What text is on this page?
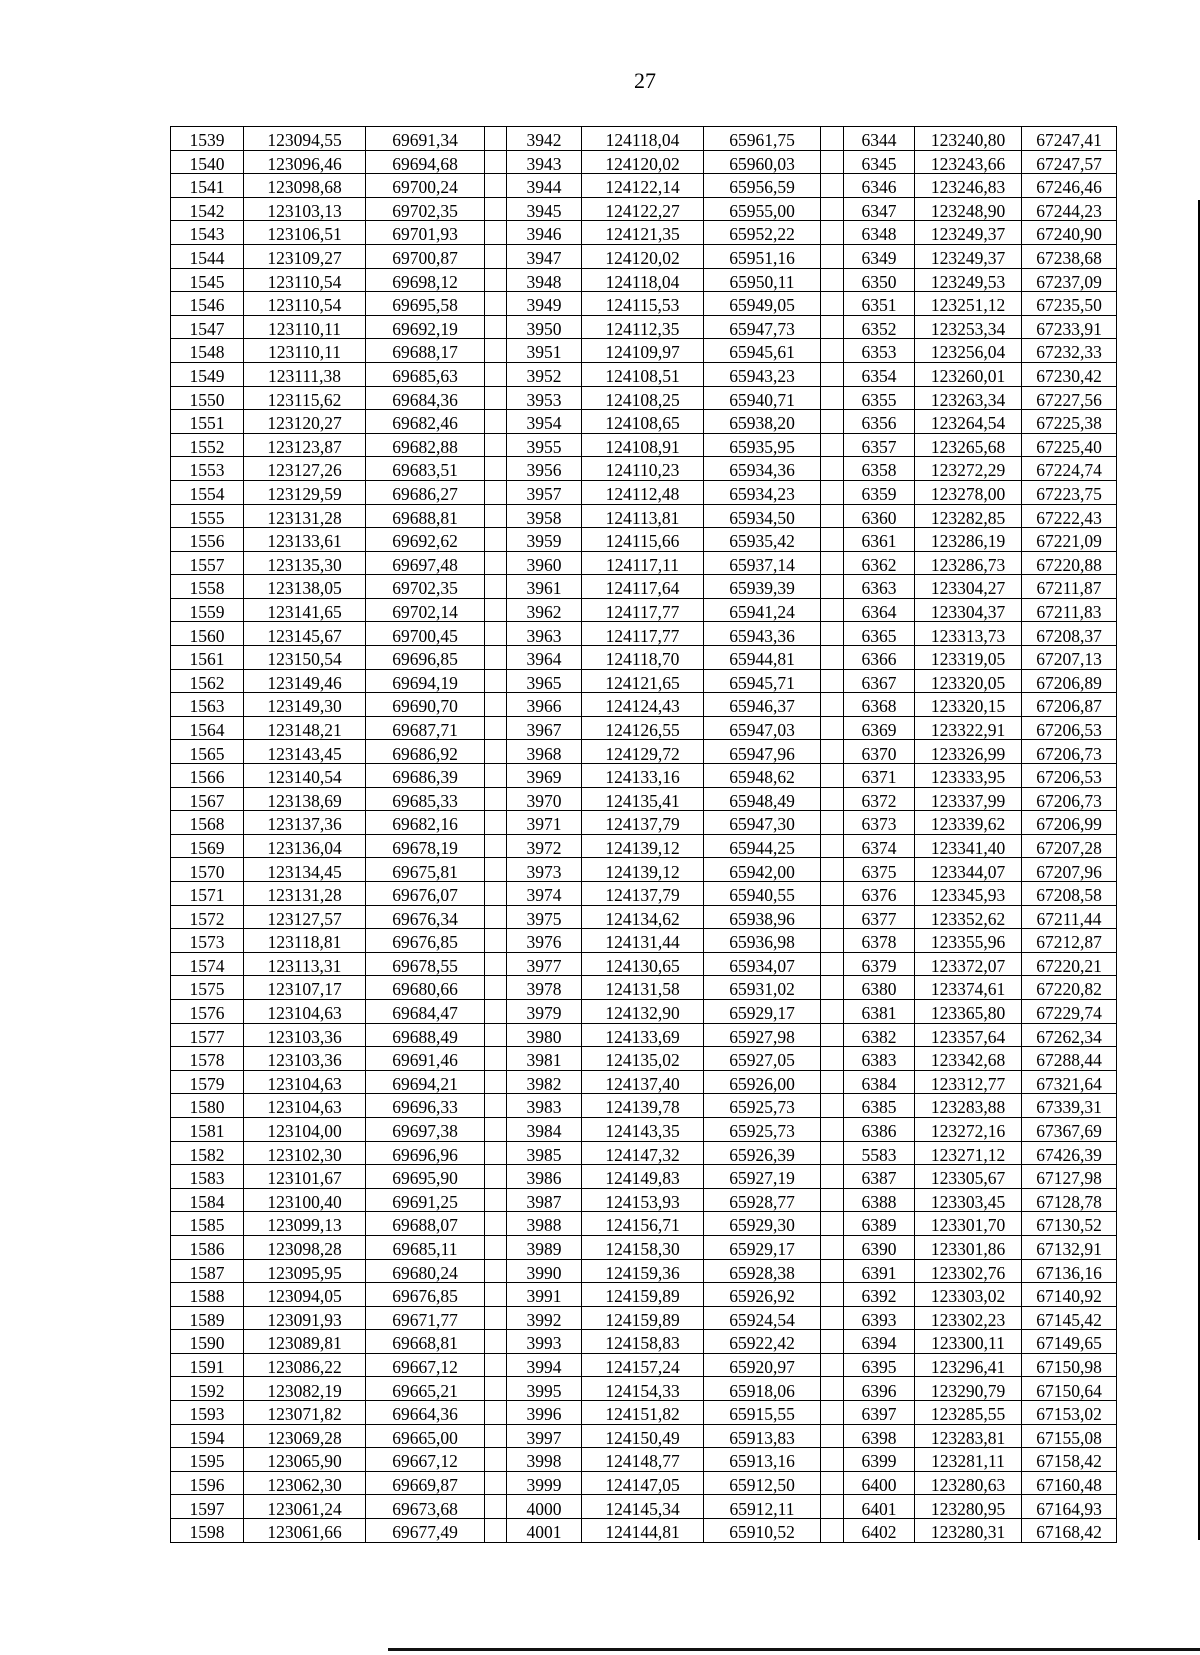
27
1539	123094,55	69691,34		3942	124118,04	65961,75		6344	123240,80	67247,41
1540	123096,46	69694,68		3943	124120,02	65960,03		6345	123243,66	67247,57
1541	123098,68	69700,24		3944	124122,14	65956,59		6346	123246,83	67246,46
1542	123103,13	69702,35		3945	124122,27	65955,00		6347	123248,90	67244,23
1543	123106,51	69701,93		3946	124121,35	65952,22		6348	123249,37	67240,90
1544	123109,27	69700,87		3947	124120,02	65951,16		6349	123249,37	67238,68
1545	123110,54	69698,12		3948	124118,04	65950,11		6350	123249,53	67237,09
1546	123110,54	69695,58		3949	124115,53	65949,05		6351	123251,12	67235,50
1547	123110,11	69692,19		3950	124112,35	65947,73		6352	123253,34	67233,91
1548	123110,11	69688,17		3951	124109,97	65945,61		6353	123256,04	67232,33
1549	123111,38	69685,63		3952	124108,51	65943,23		6354	123260,01	67230,42
1550	123115,62	69684,36		3953	124108,25	65940,71		6355	123263,34	67227,56
1551	123120,27	69682,46		3954	124108,65	65938,20		6356	123264,54	67225,38
1552	123123,87	69682,88		3955	124108,91	65935,95		6357	123265,68	67225,40
1553	123127,26	69683,51		3956	124110,23	65934,36		6358	123272,29	67224,74
1554	123129,59	69686,27		3957	124112,48	65934,23		6359	123278,00	67223,75
1555	123131,28	69688,81		3958	124113,81	65934,50		6360	123282,85	67222,43
1556	123133,61	69692,62		3959	124115,66	65935,42		6361	123286,19	67221,09
1557	123135,30	69697,48		3960	124117,11	65937,14		6362	123286,73	67220,88
1558	123138,05	69702,35		3961	124117,64	65939,39		6363	123304,27	67211,87
1559	123141,65	69702,14		3962	124117,77	65941,24		6364	123304,37	67211,83
1560	123145,67	69700,45		3963	124117,77	65943,36		6365	123313,73	67208,37
1561	123150,54	69696,85		3964	124118,70	65944,81		6366	123319,05	67207,13
1562	123149,46	69694,19		3965	124121,65	65945,71		6367	123320,05	67206,89
1563	123149,30	69690,70		3966	124124,43	65946,37		6368	123320,15	67206,87
1564	123148,21	69687,71		3967	124126,55	65947,03		6369	123322,91	67206,53
1565	123143,45	69686,92		3968	124129,72	65947,96		6370	123326,99	67206,73
1566	123140,54	69686,39		3969	124133,16	65948,62		6371	123333,95	67206,53
1567	123138,69	69685,33		3970	124135,41	65948,49		6372	123337,99	67206,73
1568	123137,36	69682,16		3971	124137,79	65947,30		6373	123339,62	67206,99
1569	123136,04	69678,19		3972	124139,12	65944,25		6374	123341,40	67207,28
1570	123134,45	69675,81		3973	124139,12	65942,00		6375	123344,07	67207,96
1571	123131,28	69676,07		3974	124137,79	65940,55		6376	123345,93	67208,58
1572	123127,57	69676,34		3975	124134,62	65938,96		6377	123352,62	67211,44
1573	123118,81	69676,85		3976	124131,44	65936,98		6378	123355,96	67212,87
1574	123113,31	69678,55		3977	124130,65	65934,07		6379	123372,07	67220,21
1575	123107,17	69680,66		3978	124131,58	65931,02		6380	123374,61	67220,82
1576	123104,63	69684,47		3979	124132,90	65929,17		6381	123365,80	67229,74
1577	123103,36	69688,49		3980	124133,69	65927,98		6382	123357,64	67262,34
1578	123103,36	69691,46		3981	124135,02	65927,05		6383	123342,68	67288,44
1579	123104,63	69694,21		3982	124137,40	65926,00		6384	123312,77	67321,64
1580	123104,63	69696,33		3983	124139,78	65925,73		6385	123283,88	67339,31
1581	123104,00	69697,38		3984	124143,35	65925,73		6386	123272,16	67367,69
1582	123102,30	69696,96		3985	124147,32	65926,39		5583	123271,12	67426,39
1583	123101,67	69695,90		3986	124149,83	65927,19		6387	123305,67	67127,98
1584	123100,40	69691,25		3987	124153,93	65928,77		6388	123303,45	67128,78
1585	123099,13	69688,07		3988	124156,71	65929,30		6389	123301,70	67130,52
1586	123098,28	69685,11		3989	124158,30	65929,17		6390	123301,86	67132,91
1587	123095,95	69680,24		3990	124159,36	65928,38		6391	123302,76	67136,16
1588	123094,05	69676,85		3991	124159,89	65926,92		6392	123303,02	67140,92
1589	123091,93	69671,77		3992	124159,89	65924,54		6393	123302,23	67145,42
1590	123089,81	69668,81		3993	124158,83	65922,42		6394	123300,11	67149,65
1591	123086,22	69667,12		3994	124157,24	65920,97		6395	123296,41	67150,98
1592	123082,19	69665,21		3995	124154,33	65918,06		6396	123290,79	67150,64
1593	123071,82	69664,36		3996	124151,82	65915,55		6397	123285,55	67153,02
1594	123069,28	69665,00		3997	124150,49	65913,83		6398	123283,81	67155,08
1595	123065,90	69667,12		3998	124148,77	65913,16		6399	123281,11	67158,42
1596	123062,30	69669,87		3999	124147,05	65912,50		6400	123280,63	67160,48
1597	123061,24	69673,68		4000	124145,34	65912,11		6401	123280,95	67164,93
1598	123061,66	69677,49		4001	124144,81	65910,52		6402	123280,31	67168,42
